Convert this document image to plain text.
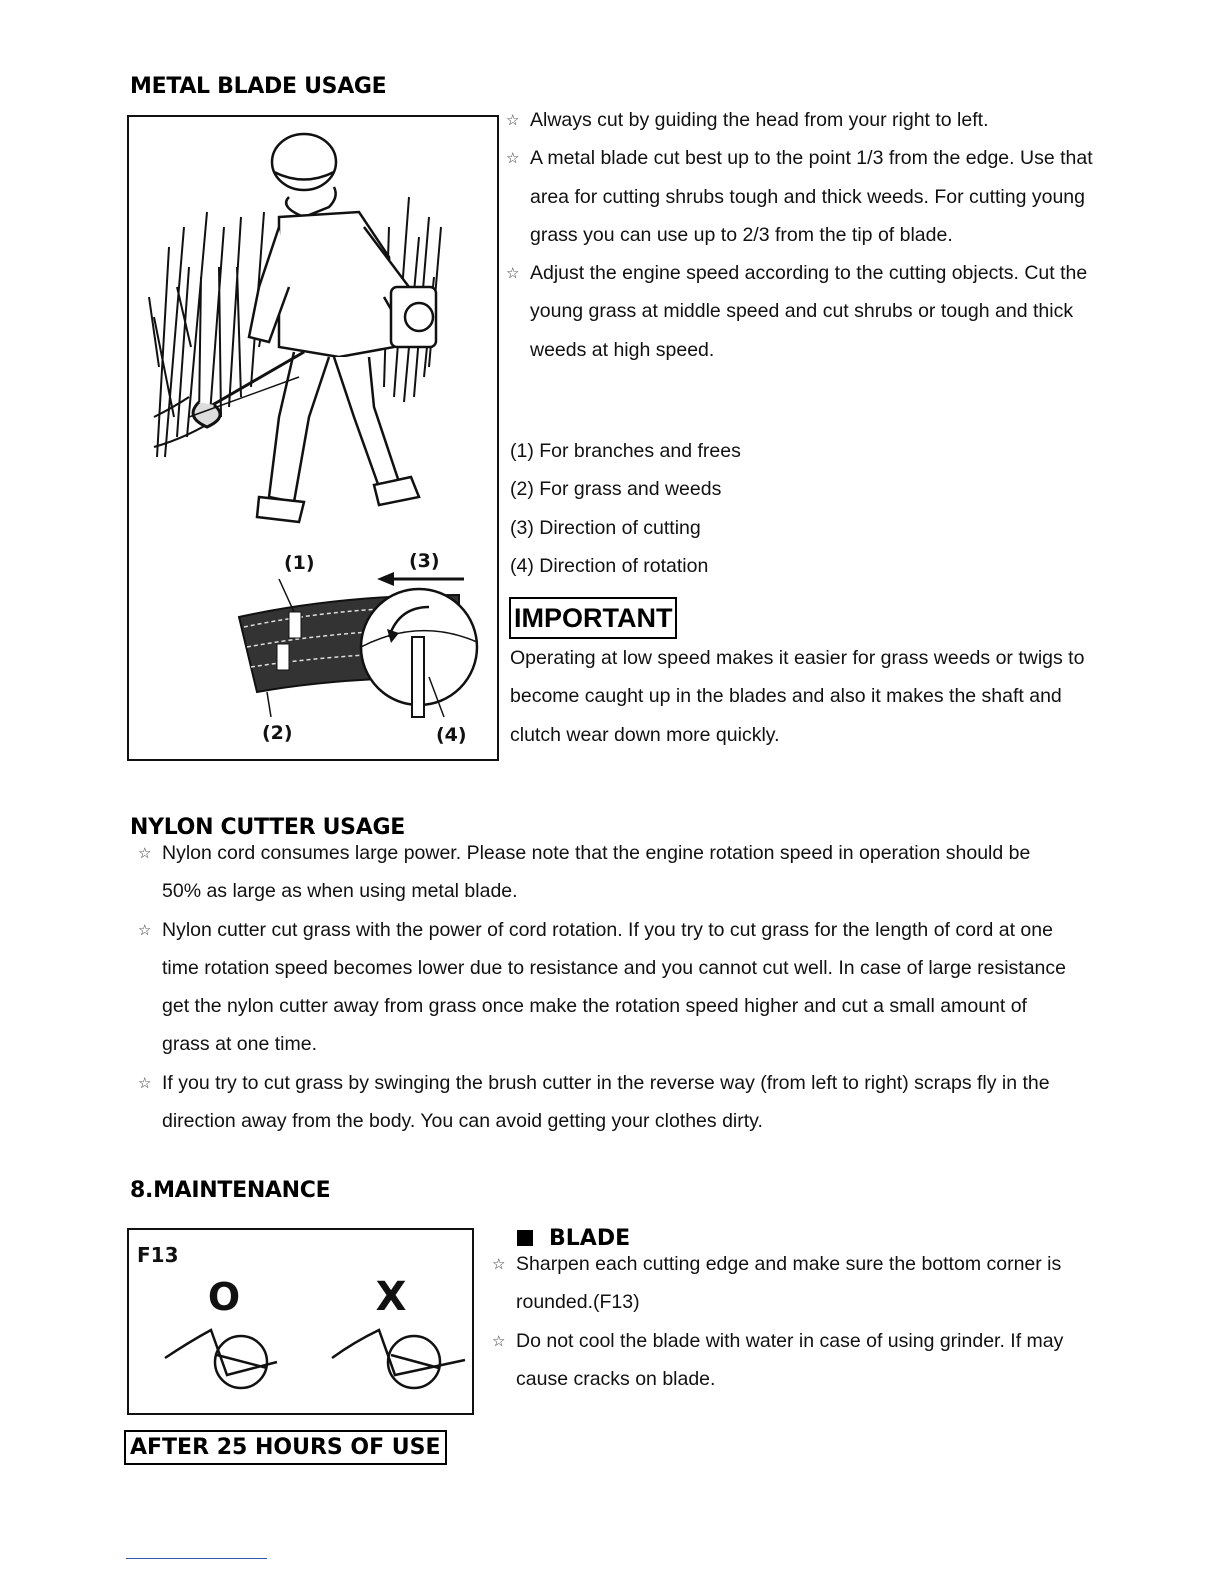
METAL BLADE USAGE
(1)	(3)
(2)	(4)
☆ Always cut by guiding the head from your right to left.
☆ A metal blade cut best up to the point 1/3 from the edge. Use that area for cutting shrubs tough and thick weeds. For cutting young grass you can use up to 2/3 from the tip of blade.
☆ Adjust the engine speed according to the cutting objects. Cut the young grass at middle speed and cut shrubs or tough and thick weeds at high speed.
(1) For branches and frees
(2) For grass and weeds
(3) Direction of cutting
(4) Direction of rotation
IMPORTANT
Operating at low speed makes it easier for grass weeds or twigs to become caught up in the blades and also it makes the shaft and clutch wear down more quickly.
NYLON CUTTER USAGE
☆ Nylon cord consumes large power. Please note that the engine rotation speed in operation should be 50% as large as when using metal blade.
☆ Nylon cutter cut grass with the power of cord rotation. If you try to cut grass for the length of cord at one time rotation speed becomes lower due to resistance and you cannot cut well. In case of large resistance get the nylon cutter away from grass once make the rotation speed higher and cut a small amount of grass at one time.
☆ If you try to cut grass by swinging the brush cutter in the reverse way (from left to right) scraps fly in the direction away from the body. You can avoid getting your clothes dirty.
8.MAINTENANCE
F13
O	X
BLADE
☆ Sharpen each cutting edge and make sure the bottom corner is rounded.(F13)
☆ Do not cool the blade with water in case of using grinder. If may cause cracks on blade.
AFTER 25 HOURS OF USE
